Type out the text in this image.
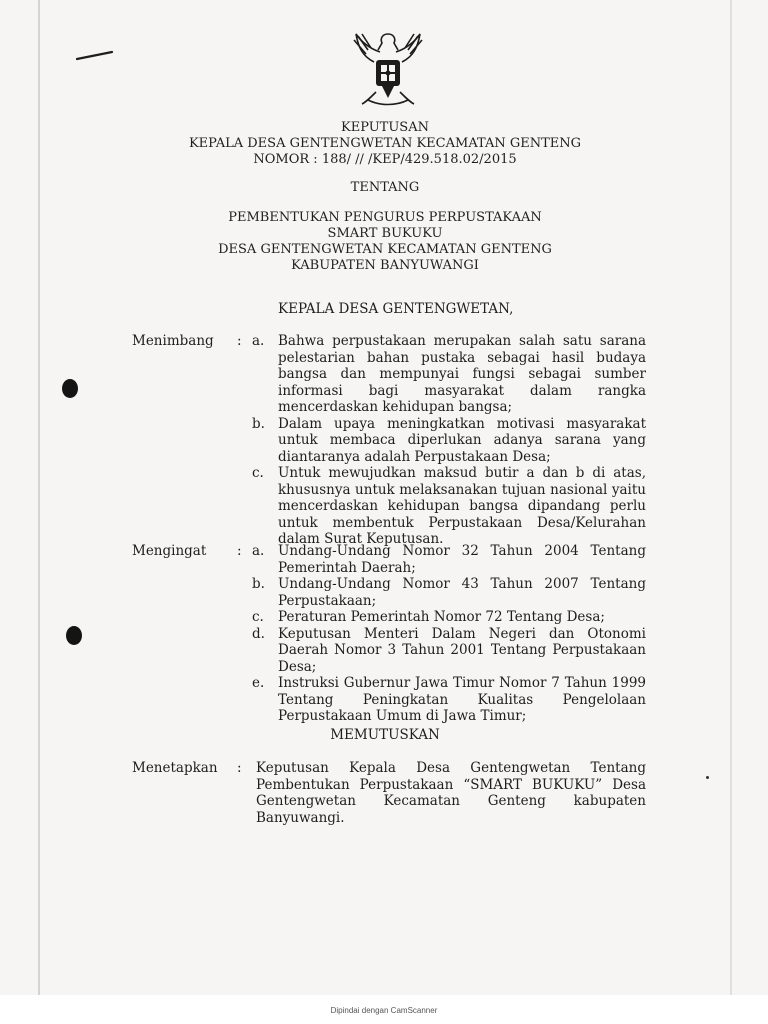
KEPUTUSAN
KEPALA DESA GENTENGWETAN KECAMATAN GENTENG
NOMOR : 188/ // /KEP/429.518.02/2015
TENTANG
PEMBENTUKAN PENGURUS PERPUSTAKAAN
SMART BUKUKU
DESA GENTENGWETAN KECAMATAN GENTENG
KABUPATEN BANYUWANGI
KEPALA DESA GENTENGWETAN,
Menimbang : a.	Bahwa perpustakaan merupakan salah satu sarana pelestarian bahan pustaka sebagai hasil budaya bangsa dan mempunyai fungsi sebagai sumber informasi bagi masyarakat dalam rangka mencerdaskan kehidupan bangsa;
b. Dalam upaya meningkatkan motivasi masyarakat untuk membaca diperlukan adanya sarana yang diantaranya adalah Perpustakaan Desa;
c.	Untuk mewujudkan maksud butir a dan b di atas, khususnya untuk melaksanakan tujuan nasional yaitu mencerdaskan kehidupan bangsa dipandang perlu untuk membentuk Perpustakaan Desa/Kelurahan dalam Surat Keputusan.
Mengingat : a.	Undang-Undang Nomor 32 Tahun 2004 Tentang Pemerintah Daerah;
b. Undang-Undang Nomor 43 Tahun 2007 Tentang Perpustakaan;
c.	Peraturan Pemerintah Nomor 72 Tentang Desa;
d. Keputusan Menteri Dalam Negeri dan Otonomi Daerah Nomor 3 Tahun 2001 Tentang Perpustakaan Desa;
e.	Instruksi Gubernur Jawa Timur Nomor 7 Tahun 1999 Tentang Peningkatan Kualitas Pengelolaan Perpustakaan Umum di Jawa Timur;
MEMUTUSKAN
Menetapkan : Keputusan Kepala Desa Gentengwetan Tentang Pembentukan Perpustakaan “SMART BUKUKU” Desa Gentengwetan Kecamatan Genteng kabupaten Banyuwangi.
Dipindai dengan CamScanner
